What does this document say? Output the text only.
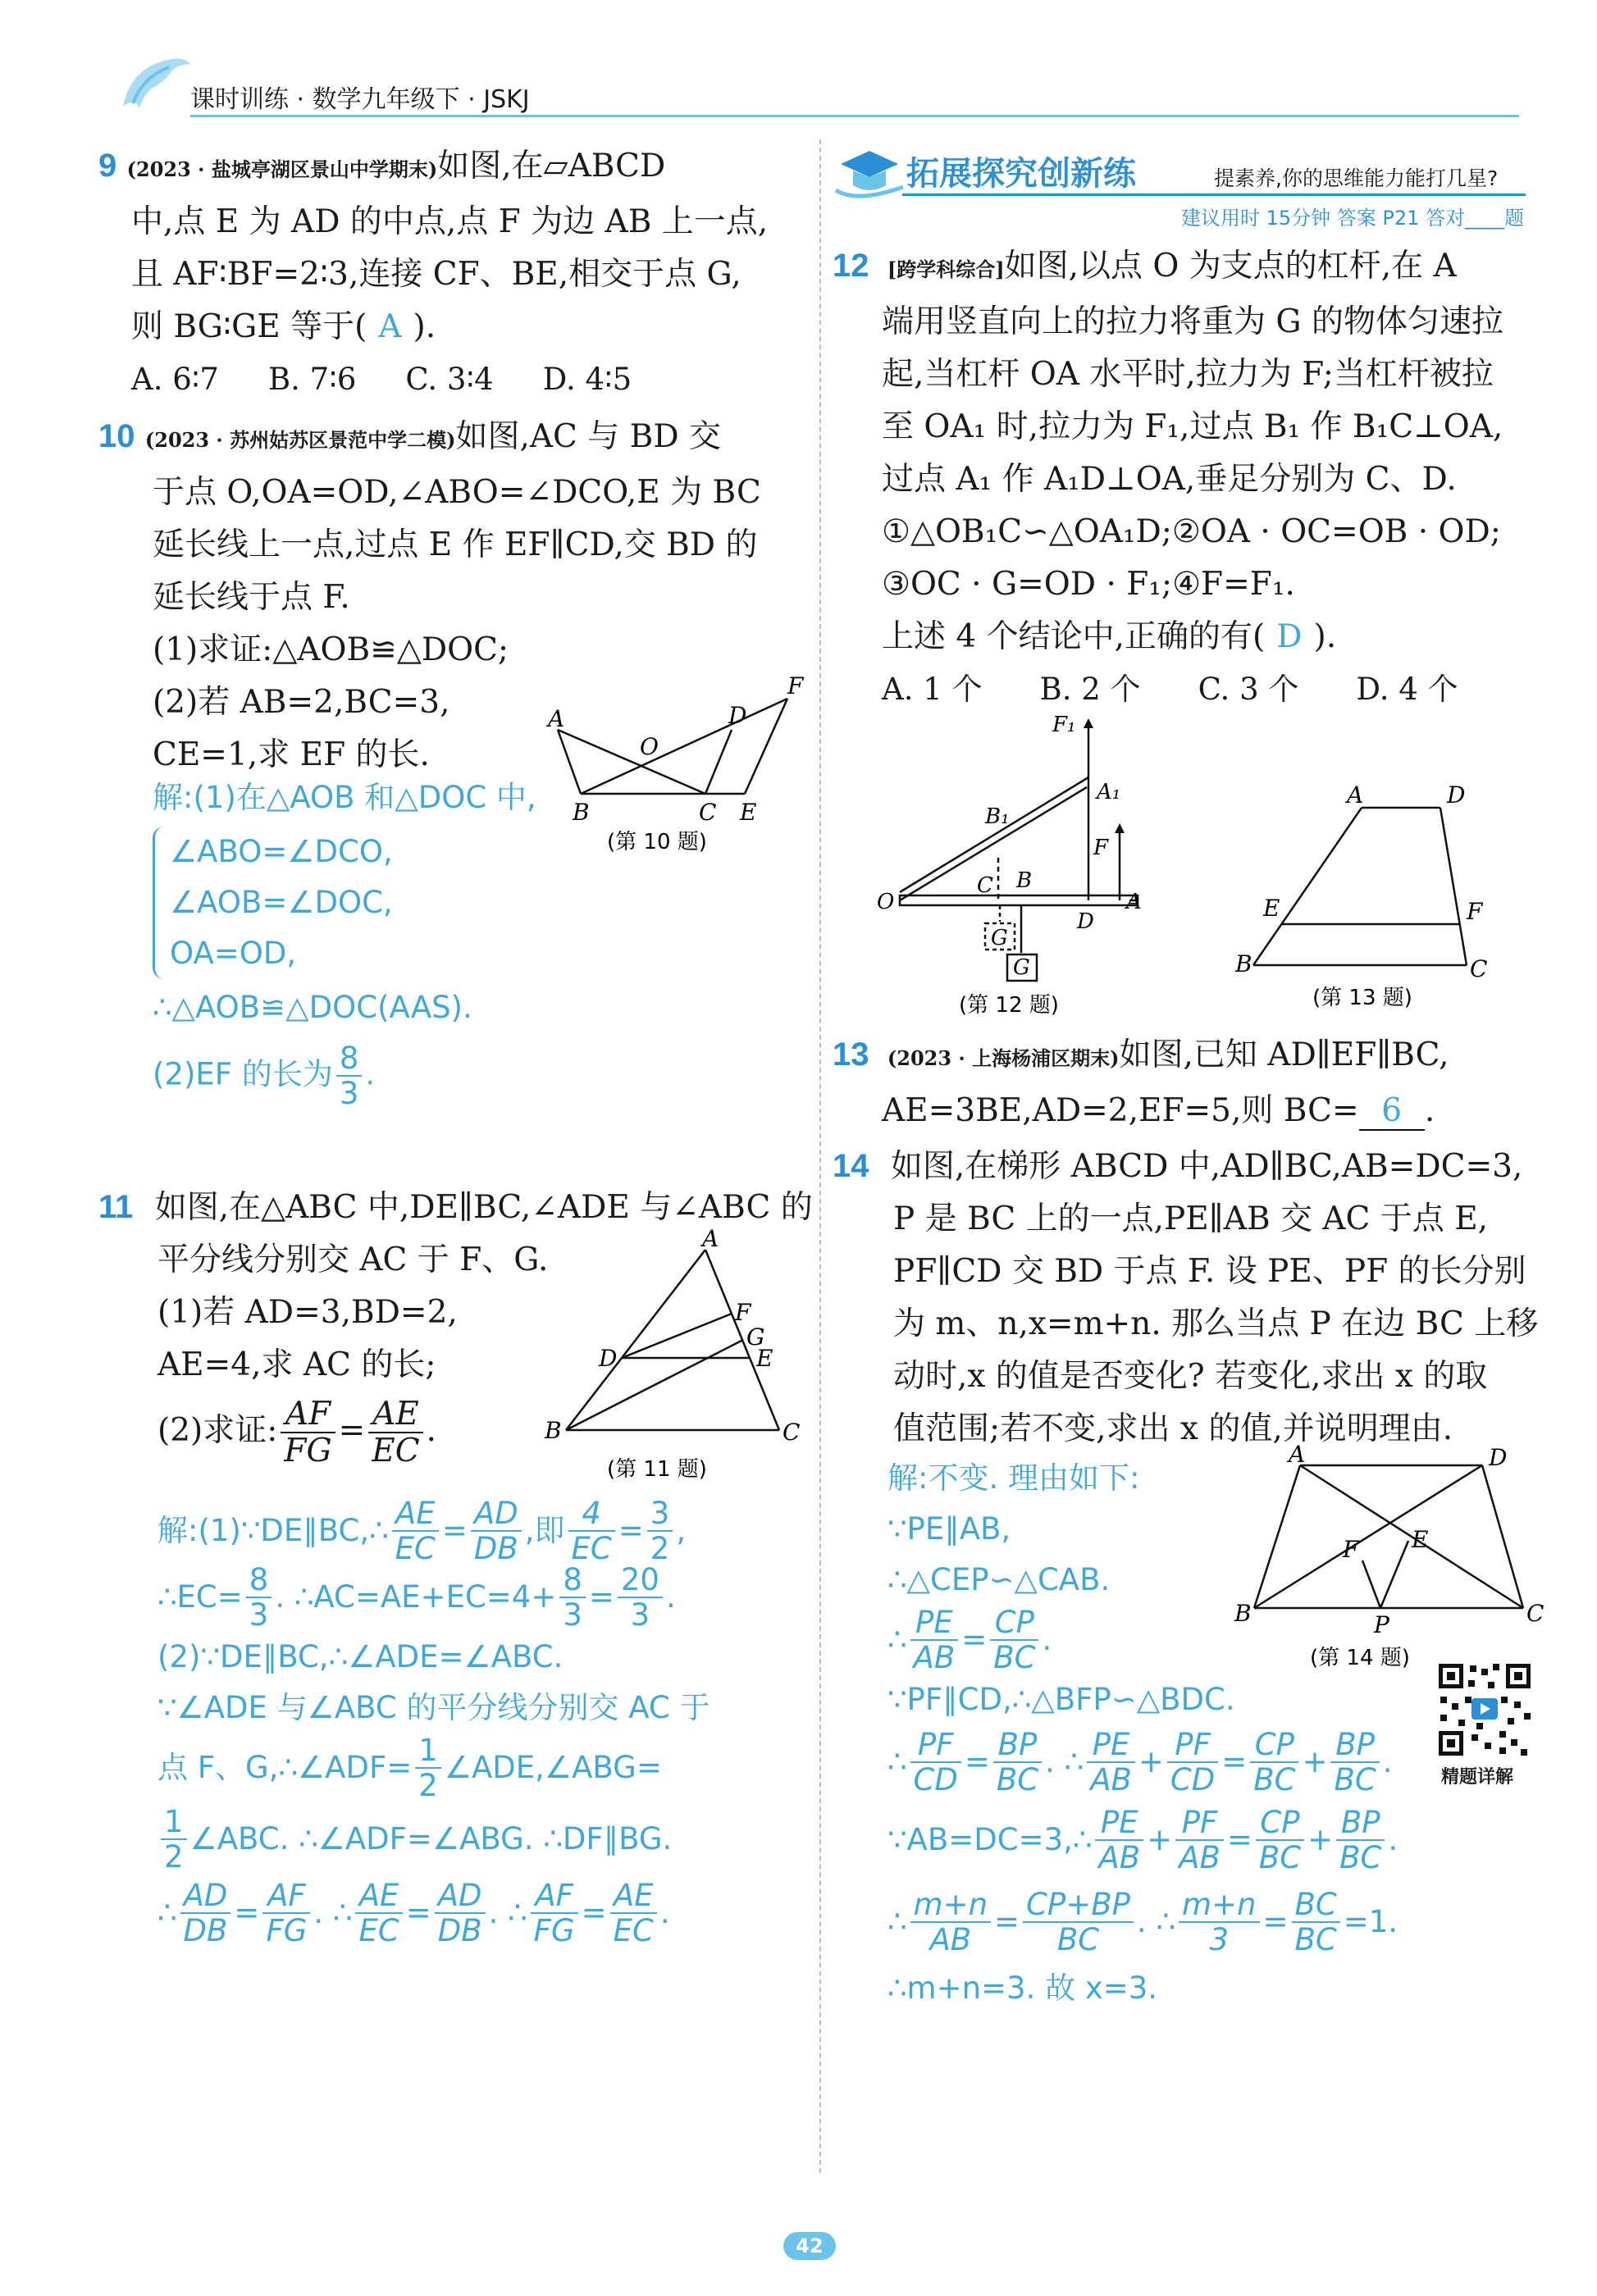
课时训练 · 数学九年级下 · JSKJ
9 (2023 · 盐城亭湖区景山中学期末)如图,在▱ABCD
中,点 E 为 AD 的中点,点 F 为边 AB 上一点,
且 AF∶BF=2∶3,连接 CF、BE,相交于点 G,
则 BG∶GE 等于( A ).
A. 6∶7 B. 7∶6 C. 3∶4 D. 4∶5
10 (2023 · 苏州姑苏区景范中学二模)如图,AC 与 BD 交
于点 O,OA=OD,∠ABO=∠DCO,E 为 BC
延长线上一点,过点 E 作 EF∥CD,交 BD 的
延长线于点 F.
(1)求证:△AOB≌△DOC;
(2)若 AB=2,BC=3,
CE=1,求 EF 的长.
A	D
F
O
B	C E
(第 10 题)
解:(1)在△AOB 和△DOC 中,
∠ABO=∠DCO,
∠AOB=∠DOC,
OA=OD,
∴△AOB≌△DOC(AAS).
(2)EF 的长为 $\frac{8}{3}$ .
11 如图,在△ABC 中,DE∥BC,∠ADE 与∠ABC 的
平分线分别交 AC 于 F、G.
(1)若 AD=3,BD=2,
AE=4,求 AC 的长;
(2)求证: $\frac{AF}{FG} = \frac{AE}{EC}$ .
A
F
G
D	E
B	C
(第 11 题)
解:(1)∵DE∥BC,∴ $\frac{AE}{EC} = \frac{AD}{DB}$ ,即 $\frac{4}{EC} = \frac{3}{2}$ ,
∴EC= $\frac{8}{3}$ . ∴AC=AE+EC=4+ $\frac{8}{3} = \frac{20}{3}$ .
(2)∵DE∥BC,∴∠ADE=∠ABC.
∵∠ADE 与∠ABC 的平分线分别交 AC 于
点 F、G,∴∠ADF= $\frac{1}{2}$ ∠ADE,∠ABG=
$\frac{1}{2}$ ∠ABC. ∴∠ADF=∠ABG. ∴DF∥BG.
∴ $\frac{AD}{DB} = \frac{AF}{FG}$ . ∴ $\frac{AE}{EC} = \frac{AD}{DB}$ . ∴ $\frac{AF}{FG} = \frac{AE}{EC}$ .
拓展探究创新练	提素养,你的思维能力能打几星?
建议用时 15分钟 答案 P21 答对____题
12 [跨学科综合]如图,以点 O 为支点的杠杆,在 A
端用竖直向上的拉力将重为 G 的物体匀速拉
起,当杠杆 OA 水平时,拉力为 F;当杠杆被拉
至 OA₁ 时,拉力为 F₁,过点 B₁ 作 B₁C⊥OA,
过点 A₁ 作 A₁D⊥OA,垂足分别为 C、D.
①△OB₁C∽△OA₁D;②OA · OC=OB · OD;
③OC · G=OD · F₁;④F=F₁.
上述 4 个结论中,正确的有( D ).
A. 1 个 B. 2 个 C. 3 个 D. 4 个
F₁
A₁
B₁
F
C B
O	A
D
G
G
(第 12 题)
A	D
E	F
B	C
(第 13 题)
13 (2023 · 上海杨浦区期末)如图,已知 AD∥EF∥BC,
AE=3BE,AD=2,EF=5,则 BC= 6 .
14 如图,在梯形 ABCD 中,AD∥BC,AB=DC=3,
P 是 BC 上的一点,PE∥AB 交 AC 于点 E,
PF∥CD 交 BD 于点 F. 设 PE、PF 的长分别
为 m、n,x=m+n. 那么当点 P 在边 BC 上移
动时,x 的值是否变化? 若变化,求出 x 的取
值范围;若不变,求出 x 的值,并说明理由.
A	D
F E
B	P	C
(第 14 题)
精题详解
解:不变. 理由如下:
∵PE∥AB,
∴△CEP∽△CAB.
∴ $\frac{PE}{AB} = \frac{CP}{BC}$ .
∵PF∥CD,∴△BFP∽△BDC.
∴ $\frac{PF}{CD} = \frac{BP}{BC}$ . ∴ $\frac{PE}{AB} + \frac{PF}{CD} = \frac{CP}{BC} + \frac{BP}{BC}$ .
∵AB=DC=3,∴ $\frac{PE}{AB} + \frac{PF}{AB} = \frac{CP}{BC} + \frac{BP}{BC}$ .
∴ $\frac{m+n}{AB} = \frac{CP+BP}{BC}$ . ∴ $\frac{m+n}{3} = \frac{BC}{BC} =1$.
∴m+n=3. 故 x=3.
42
